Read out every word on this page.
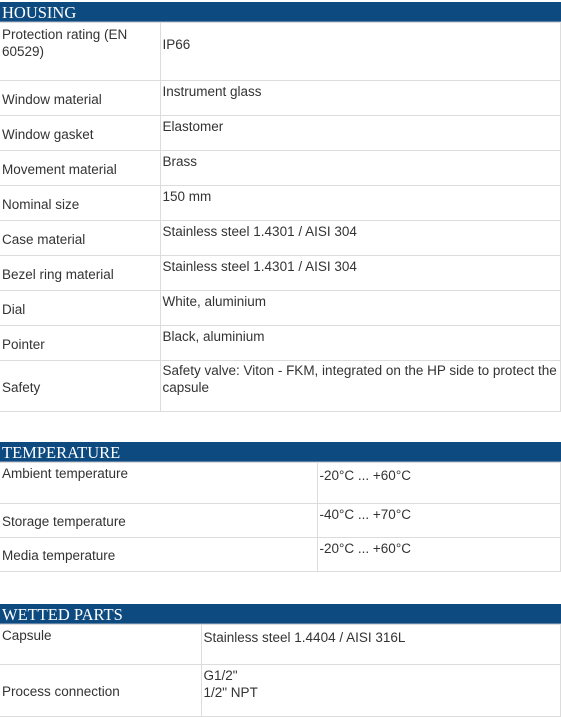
HOUSING
Protection rating (EN 60529)	IP66

Window material	Instrument glass

Window gasket	Elastomer

Movement material	Brass

Nominal size	150 mm

Case material	Stainless steel 1.4301 / AISI 304

Bezel ring material	Stainless steel 1.4301 / AISI 304

Dial	White, aluminium

Pointer	Black, aluminium

Safety	Safety valve: Viton - FKM, integrated on the HP side to protect the capsule
TEMPERATURE
Ambient temperature	-20°C ... +60°C

Storage temperature	-40°C ... +70°C

Media temperature	-20°C ... +60°C
WETTED PARTS
Capsule	Stainless steel 1.4404 / AISI 316L

Process connection	G1/2"
1/2" NPT
